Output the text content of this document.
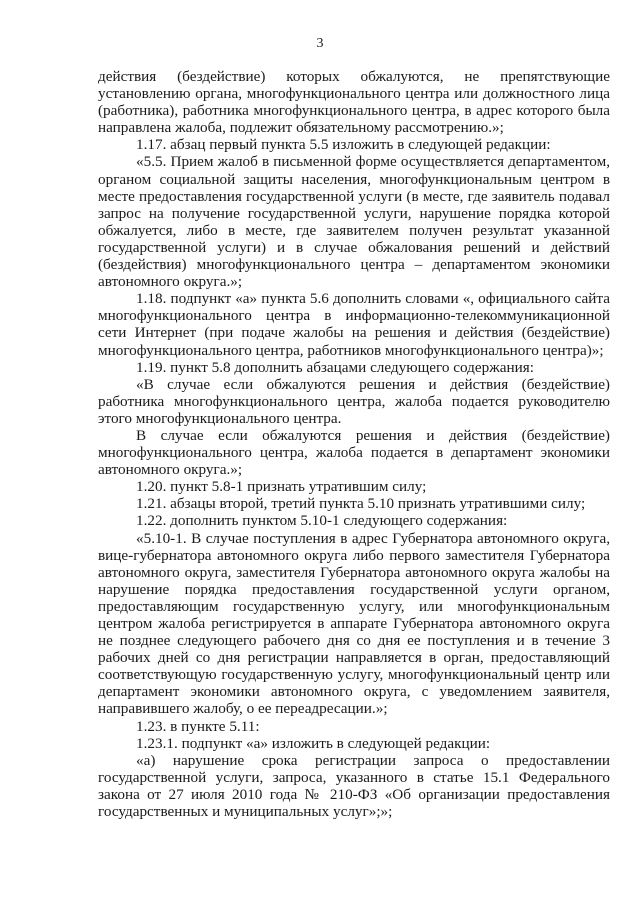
3

действия (бездействие) которых обжалуются, не препятствующие установлению органа, многофункционального центра или должностного лица (работника), работника многофункционального центра, в адрес которого была направлена жалоба, подлежит обязательному рассмотрению.»;

1.17. абзац первый пункта 5.5 изложить в следующей редакции:

«5.5. Прием жалоб в письменной форме осуществляется департаментом, органом социальной защиты населения, многофункциональным центром в месте предоставления государственной услуги (в месте, где заявитель подавал запрос на получение государственной услуги, нарушение порядка которой обжалуется, либо в месте, где заявителем получен результат указанной государственной услуги) и в случае обжалования решений и действий (бездействия) многофункционального центра – департаментом экономики автономного округа.»;

1.18. подпункт «а» пункта 5.6 дополнить словами «, официального сайта многофункционального центра в информационно-телекоммуникационной сети Интернет (при подаче жалобы на решения и действия (бездействие) многофункционального центра, работников многофункционального центра)»;

1.19. пункт 5.8 дополнить абзацами следующего содержания:

«В случае если обжалуются решения и действия (бездействие) работника многофункционального центра, жалоба подается руководителю этого многофункционального центра.

В случае если обжалуются решения и действия (бездействие) многофункционального центра, жалоба подается в департамент экономики автономного округа.»;

1.20. пункт 5.8-1 признать утратившим силу;

1.21. абзацы второй, третий пункта 5.10 признать утратившими силу;

1.22. дополнить пунктом 5.10-1 следующего содержания:

«5.10-1. В случае поступления в адрес Губернатора автономного округа, вице-губернатора автономного округа либо первого заместителя Губернатора автономного округа, заместителя Губернатора автономного округа жалобы на нарушение порядка предоставления государственной услуги органом, предоставляющим государственную услугу, или многофункциональным центром жалоба регистрируется в аппарате Губернатора автономного округа не позднее следующего рабочего дня со дня ее поступления и в течение 3 рабочих дней со дня регистрации направляется в орган, предоставляющий соответствующую государственную услугу, многофункциональный центр или департамент экономики автономного округа, с уведомлением заявителя, направившего жалобу, о ее переадресации.»;

1.23. в пункте 5.11:

1.23.1. подпункт «а» изложить в следующей редакции:

«а) нарушение срока регистрации запроса о предоставлении государственной услуги, запроса, указанного в статье 15.1 Федерального закона от 27 июля 2010 года № 210-ФЗ «Об организации предоставления государственных и муниципальных услуг»;»;
